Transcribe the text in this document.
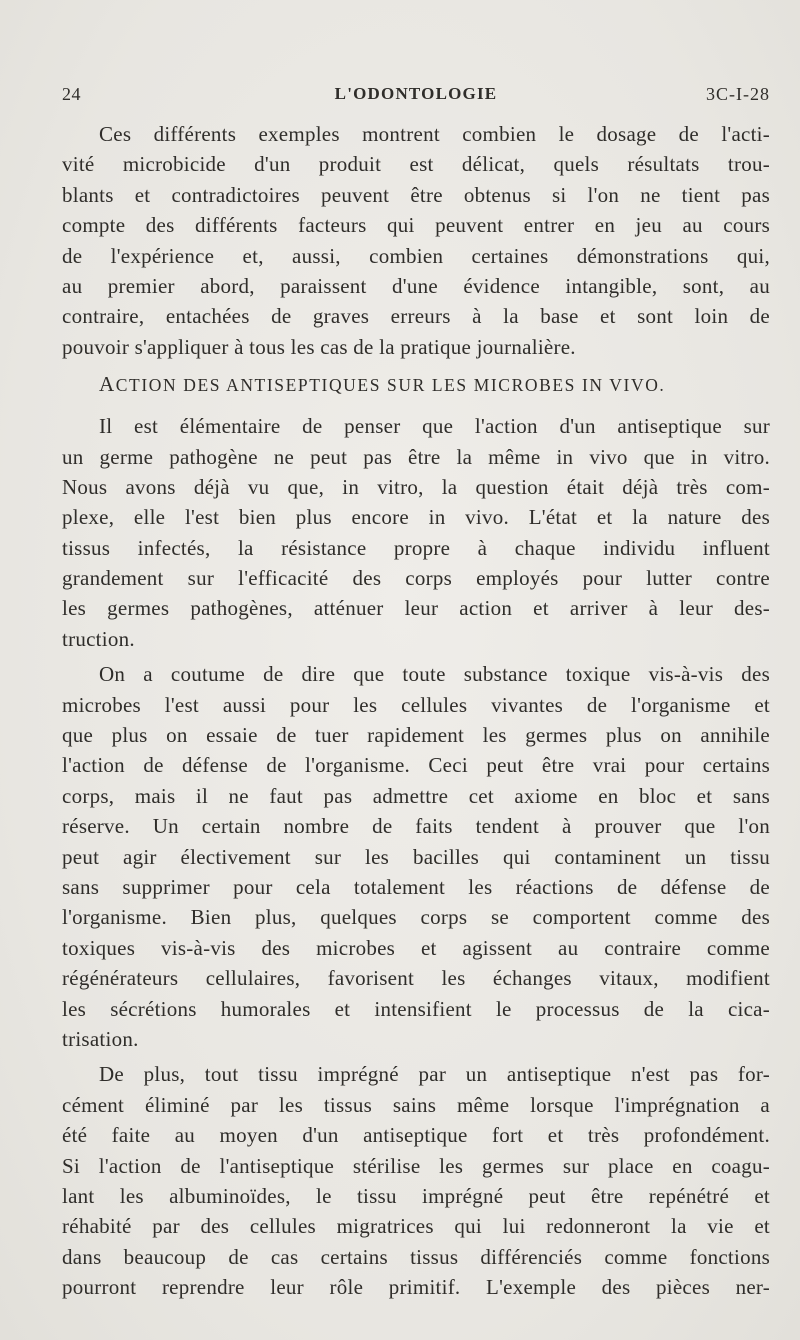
24	L'ODONTOLOGIE	3C-I-28
Ces différents exemples montrent combien le dosage de l'acti-
vité microbicide d'un produit est délicat, quels résultats trou-
blants et contradictoires peuvent être obtenus si l'on ne tient pas
compte des différents facteurs qui peuvent entrer en jeu au cours
de l'expérience et, aussi, combien certaines démonstrations qui,
au premier abord, paraissent d'une évidence intangible, sont, au
contraire, entachées de graves erreurs à la base et sont loin de
pouvoir s'appliquer à tous les cas de la pratique journalière.
ACTION DES ANTISEPTIQUES SUR LES MICROBES IN VIVO.
Il est élémentaire de penser que l'action d'un antiseptique sur
un germe pathogène ne peut pas être la même in vivo que in vitro.
Nous avons déjà vu que, in vitro, la question était déjà très com-
plexe, elle l'est bien plus encore in vivo. L'état et la nature des
tissus infectés, la résistance propre à chaque individu influent
grandement sur l'efficacité des corps employés pour lutter contre
les germes pathogènes, atténuer leur action et arriver à leur des-
truction.
On a coutume de dire que toute substance toxique vis-à-vis des
microbes l'est aussi pour les cellules vivantes de l'organisme et
que plus on essaie de tuer rapidement les germes plus on annihile
l'action de défense de l'organisme. Ceci peut être vrai pour certains
corps, mais il ne faut pas admettre cet axiome en bloc et sans
réserve. Un certain nombre de faits tendent à prouver que l'on
peut agir électivement sur les bacilles qui contaminent un tissu
sans supprimer pour cela totalement les réactions de défense de
l'organisme. Bien plus, quelques corps se comportent comme des
toxiques vis-à-vis des microbes et agissent au contraire comme
régénérateurs cellulaires, favorisent les échanges vitaux, modifient
les sécrétions humorales et intensifient le processus de la cica-
trisation.
De plus, tout tissu imprégné par un antiseptique n'est pas for-
cément éliminé par les tissus sains même lorsque l'imprégnation a
été faite au moyen d'un antiseptique fort et très profondément.
Si l'action de l'antiseptique stérilise les germes sur place en coagu-
lant les albuminoïdes, le tissu imprégné peut être repénétré et
réhabité par des cellules migratrices qui lui redonneront la vie et
dans beaucoup de cas certains tissus différenciés comme fonctions
pourront reprendre leur rôle primitif. L'exemple des pièces ner-
